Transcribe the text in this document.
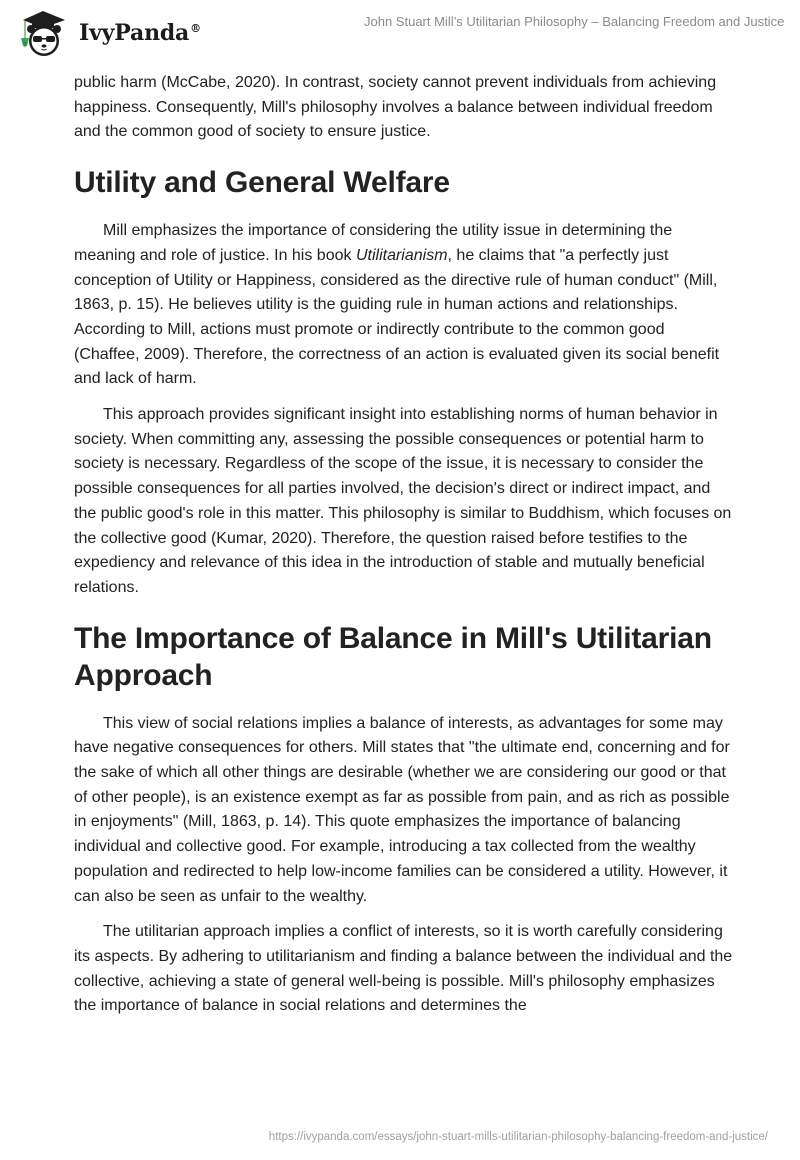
IvyPanda®	John Stuart Mill’s Utilitarian Philosophy – Balancing Freedom and Justice

public harm (McCabe, 2020). In contrast, society cannot prevent individuals from achieving happiness. Consequently, Mill's philosophy involves a balance between individual freedom and the common good of society to ensure justice.

Utility and General Welfare

Mill emphasizes the importance of considering the utility issue in determining the meaning and role of justice. In his book Utilitarianism, he claims that "a perfectly just conception of Utility or Happiness, considered as the directive rule of human conduct" (Mill, 1863, p. 15). He believes utility is the guiding rule in human actions and relationships. According to Mill, actions must promote or indirectly contribute to the common good (Chaffee, 2009). Therefore, the correctness of an action is evaluated given its social benefit and lack of harm.

This approach provides significant insight into establishing norms of human behavior in society. When committing any, assessing the possible consequences or potential harm to society is necessary. Regardless of the scope of the issue, it is necessary to consider the possible consequences for all parties involved, the decision's direct or indirect impact, and the public good's role in this matter. This philosophy is similar to Buddhism, which focuses on the collective good (Kumar, 2020). Therefore, the question raised before testifies to the expediency and relevance of this idea in the introduction of stable and mutually beneficial relations.

The Importance of Balance in Mill's Utilitarian Approach

This view of social relations implies a balance of interests, as advantages for some may have negative consequences for others. Mill states that "the ultimate end, concerning and for the sake of which all other things are desirable (whether we are considering our good or that of other people), is an existence exempt as far as possible from pain, and as rich as possible in enjoyments" (Mill, 1863, p. 14). This quote emphasizes the importance of balancing individual and collective good. For example, introducing a tax collected from the wealthy population and redirected to help low-income families can be considered a utility. However, it can also be seen as unfair to the wealthy.

The utilitarian approach implies a conflict of interests, so it is worth carefully considering its aspects. By adhering to utilitarianism and finding a balance between the individual and the collective, achieving a state of general well-being is possible. Mill's philosophy emphasizes the importance of balance in social relations and determines the

https://ivypanda.com/essays/john-stuart-mills-utilitarian-philosophy-balancing-freedom-and-justice/
